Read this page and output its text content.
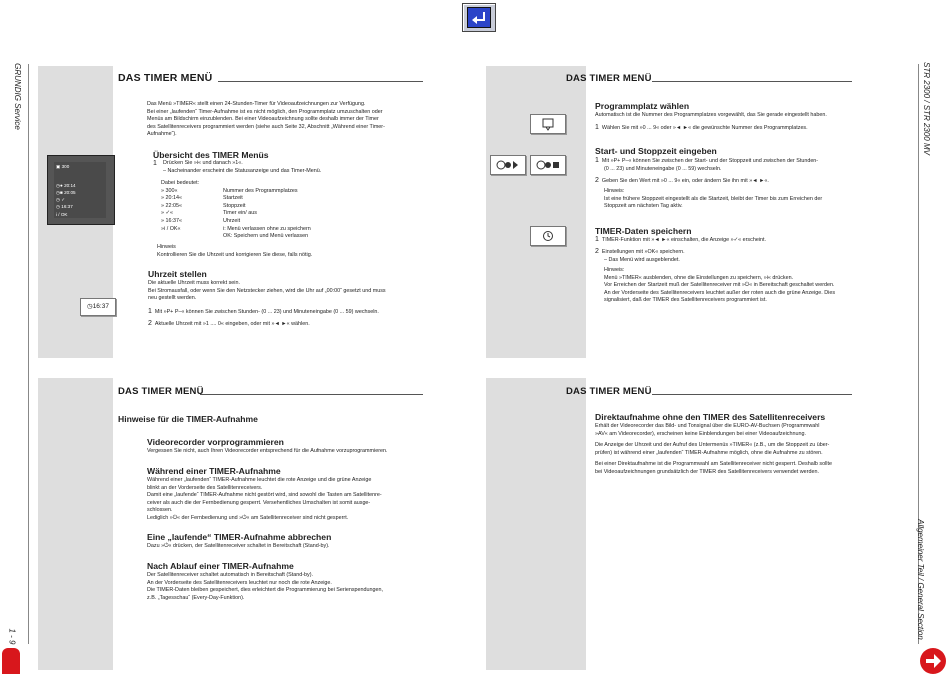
GRUNDIG Service
1 - 9
STR 2300 / STR 2300 MV
Allgemeiner Teil / General Section
DAS TIMER MENÜ
Das Menü »TIMER« stellt einen 24-Stunden-Timer für Videoaufzeichnungen zur Verfügung.
Bei einer „laufenden“ Timer-Aufnahme ist es nicht möglich, den Programmplatz umzuschalten oder
Menüs am Bildschirm einzublenden. Bei einer Videoaufzeichnung sollte deshalb immer der Timer
des Satellitenreceivers programmiert werden (siehe auch Seite 32, Abschnitt „Während einer Timer-
Aufnahme“).
Übersicht des TIMER Menüs
1 Drücken Sie »i« und danach »1«.
– Nacheinander erscheint die Statusanzeige und das Timer-Menü.
Dabei bedeutet:
» 300«	Nummer des Programmplatzes
» 20:14«	Startzeit
» 22:05«	Stoppzeit
» ✓«	Timer ein/ aus
» 16:37«	Uhrzeit
»i / OK«	i: Menü verlassen ohne zu speichern
OK: Speichern und Menü verlassen
Hinweis
Kontrollieren Sie die Uhrzeit und korrigieren Sie diese, falls nötig.
Uhrzeit stellen
Die aktuelle Uhrzeit muss korrekt sein.
Bei Stromausfall, oder wenn Sie den Netzstecker ziehen, wird die Uhr auf „00:00“ gesetzt und muss
neu gestellt werden.
1 Mit »P+ P–« können Sie zwischen Stunden- (0 ... 23) und Minuteneingabe (0 ... 59) wechseln.
2 Aktuelle Uhrzeit mit »1 .... 0« eingeben, oder mit »◄ ►« wählen.
▣ 300
◷● 20:14
◷■ 20:05
◷ ✓
◷ 16:37
i / OK
◷16:37
DAS TIMER MENÜ
Programmplatz wählen
Automatisch ist die Nummer des Programmplatzes vorgewählt, das Sie gerade eingestellt haben.
1 Wählen Sie mit »0 ... 9« oder »◄ ►« die gewünschte Nummer des Programmplatzes.
Start- und Stoppzeit eingeben
1 Mit »P+ P–« können Sie zwischen der Start- und der Stoppzeit und zwischen der Stunden-
(0 ... 23) und Minuteneingabe (0 ... 59) wechseln.
2 Geben Sie den Wert mit »0 ... 9« ein, oder ändern Sie ihn mit »◄ ►«.
Hinweis:
Ist eine frühere Stoppzeit eingestellt als die Startzeit, bleibt der Timer bis zum Erreichen der
Stoppzeit am nächsten Tag aktiv.
TIMER-Daten speichern
1 TIMER-Funktion mit »◄ ►« einschalten, die Anzeige »✓« erscheint.
2 Einstellungen mit »OK« speichern.
– Das Menü wird ausgeblendet.
Hinweis:
Menü »TIMER« ausblenden, ohne die Einstellungen zu speichern, »i« drücken.
Vor Erreichen der Startzeit muß der Satellitenreceiver mit »⏻« in Bereitschaft geschaltet werden.
An der Vorderseite des Satellitenreceivers leuchtet außer der roten auch die grüne Anzeige. Dies
signalisiert, daß der TIMER des Satellitenreceivers programmiert ist.
DAS TIMER MENÜ
Hinweise für die TIMER-Aufnahme
Videorecorder vorprogrammieren
Vergessen Sie nicht, auch Ihren Videorecorder entsprechend für die Aufnahme vorzuprogrammieren.
Während einer TIMER-Aufnahme
Während einer „laufenden“ TIMER-Aufnahme leuchtet die rote Anzeige und die grüne Anzeige
blinkt an der Vorderseite des Satellitenreceivers.
Damit eine „laufende“ TIMER-Aufnahme nicht gestört wird, sind sowohl die Tasten am Satellitenre-
ceiver als auch die der Fernbedienung gesperrt. Versehentliches Umschalten ist somit ausge-
schlossen.
Lediglich »⏻« der Fernbedienung und »⏻« am Satellitenreceiver sind nicht gesperrt.
Eine „laufende“ TIMER-Aufnahme abbrechen
Dazu »⏻« drücken, der Satellitenreceiver schaltet in Bereitschaft (Stand-by).
Nach Ablauf einer TIMER-Aufnahme
Der Satellitenreceiver schaltet automatisch in Bereitschaft (Stand-by).
An der Vorderseite des Satellitenreceivers leuchtet nur noch die rote Anzeige.
Die TIMER-Daten bleiben gespeichert, dies erleichtert die Programmierung bei Serienspendungen,
z.B. „Tagesschau“ (Every-Day-Funktion).
DAS TIMER MENÜ
Direktaufnahme ohne den TIMER des Satellitenreceivers
Erhält der Videorecorder das Bild- und Tonsignal über die EURO-AV-Buchsen (Programmwahl
»AV« am Videorecorder), erscheinen keine Einblendungen bei einer Videoaufzeichnung.
Die Anzeige der Uhrzeit und der Aufruf des Untermenüs »TIMER« (z.B., um die Stoppzeit zu über-
prüfen) ist während einer „laufenden“ TIMER-Aufnahme möglich, ohne die Aufnahme zu stören.
Bei einer Direktaufnahme ist die Programmwahl am Satellitenreceiver nicht gesperrt. Deshalb sollte
bei Videoaufzeichnungen grundsätzlich der TIMER des Satellitenreceivers verwendet werden.
